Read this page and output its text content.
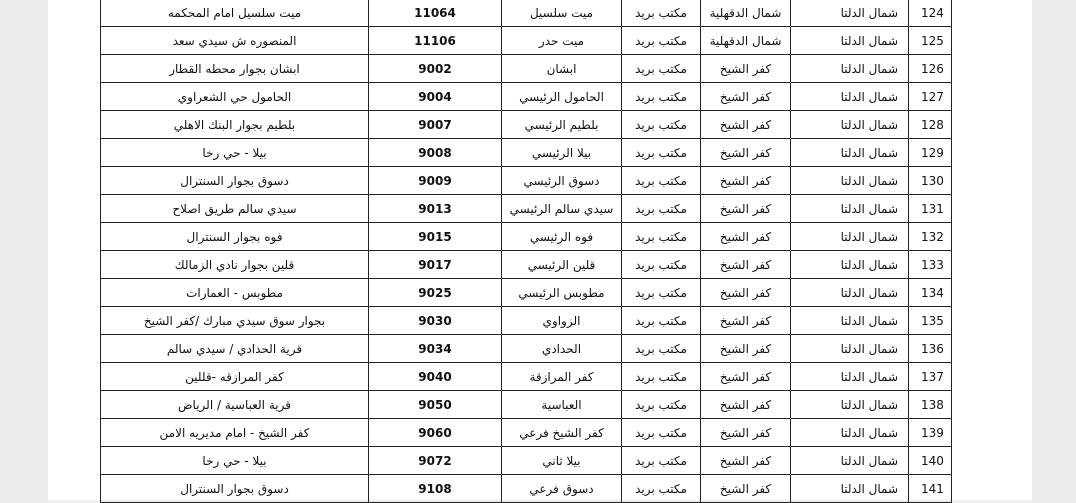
ميت سلسيل امام المحكمه	11064	ميت سلسيل	مكتب بريد	شمال الدقهلية	شمال الدلتا	124
المنصوره ش سيدي سعد	11106	ميت حدر	مكتب بريد	شمال الدقهلية	شمال الدلتا	125
ابشان بجوار محطه القطار	9002	ابشان	مكتب بريد	كفر الشيخ	شمال الدلتا	126
الحامول حي الشعراوي	9004	الحامول الرئيسي	مكتب بريد	كفر الشيخ	شمال الدلتا	127
بلطيم بجوار البنك الاهلي	9007	بلطيم الرئيسي	مكتب بريد	كفر الشيخ	شمال الدلتا	128
بيلا - حي رخا	9008	بيلا الرئيسي	مكتب بريد	كفر الشيخ	شمال الدلتا	129
دسوق بجوار السنترال	9009	دسوق الرئيسي	مكتب بريد	كفر الشيخ	شمال الدلتا	130
سيدي سالم طريق اصلاح	9013	سيدي سالم الرئيسي	مكتب بريد	كفر الشيخ	شمال الدلتا	131
فوه بجوار السنترال	9015	فوه الرئيسي	مكتب بريد	كفر الشيخ	شمال الدلتا	132
قلين بجوار نادي الزمالك	9017	قلين الرئيسي	مكتب بريد	كفر الشيخ	شمال الدلتا	133
مطوبس - العمارات	9025	مطوبس الرئيسي	مكتب بريد	كفر الشيخ	شمال الدلتا	134
بجوار سوق سيدي مبارك /كفر الشيخ	9030	الزواوي	مكتب بريد	كفر الشيخ	شمال الدلتا	135
قرية الحدادي / سيدي سالم	9034	الحدادي	مكتب بريد	كفر الشيخ	شمال الدلتا	136
كفر المرازقه -قللين	9040	كفر المرازقة	مكتب بريد	كفر الشيخ	شمال الدلتا	137
قرية العباسية / الرياض	9050	العباسية	مكتب بريد	كفر الشيخ	شمال الدلتا	138
كفر الشيخ - امام مديريه الامن	9060	كفر الشيخ فرعي	مكتب بريد	كفر الشيخ	شمال الدلتا	139
بيلا - حي رخا	9072	بيلا ثاني	مكتب بريد	كفر الشيخ	شمال الدلتا	140
دسوق بجوار السنترال	9108	دسوق فرعي	مكتب بريد	كفر الشيخ	شمال الدلتا	141
